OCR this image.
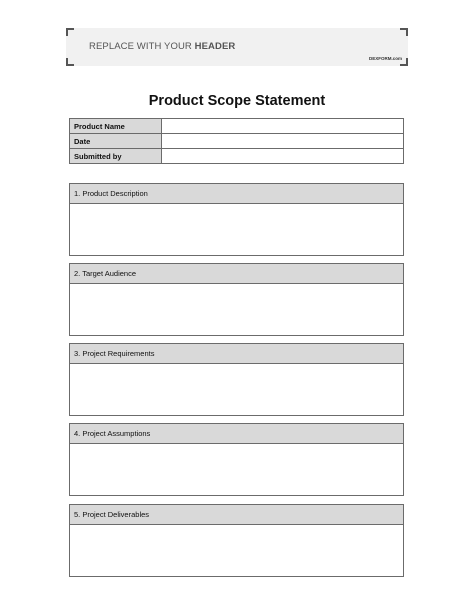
REPLACE WITH YOUR HEADER
DEXFORM.com
Product Scope Statement
Product Name	
Date	
Submitted by	
1. Product Description
2. Target Audience
3. Project Requirements
4. Project Assumptions
5. Project Deliverables
